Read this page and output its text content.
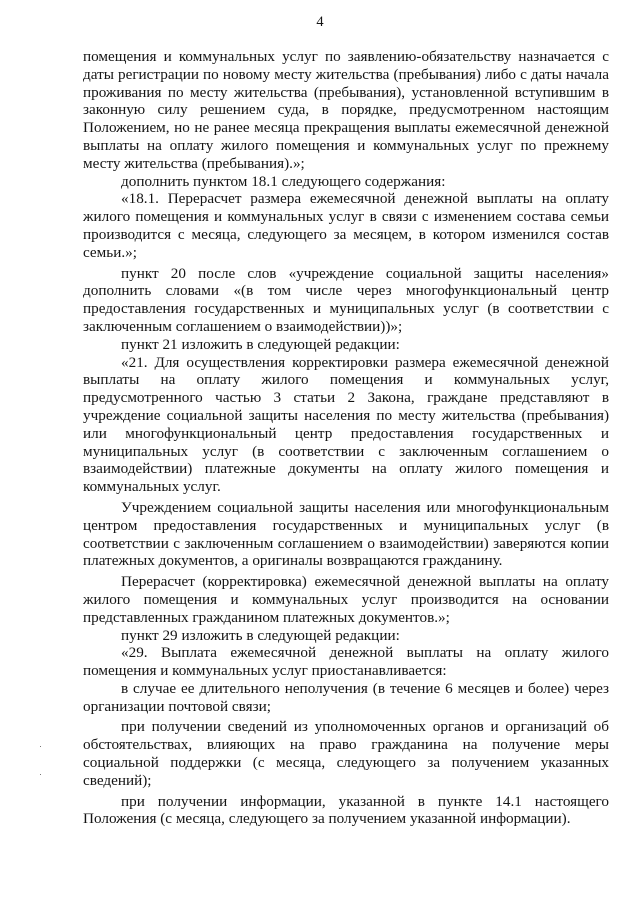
4

помещения и коммунальных услуг по заявлению-обязательству назначается с даты регистрации по новому месту жительства (пребывания) либо с даты начала проживания по месту жительства (пребывания), установленной вступившим в законную силу решением суда, в порядке, предусмотренном настоящим Положением, но не ранее месяца прекращения выплаты ежемесячной денежной выплаты на оплату жилого помещения и коммунальных услуг по прежнему месту жительства (пребывания).»;

дополнить пунктом 18.1 следующего содержания:

«18.1. Перерасчет размера ежемесячной денежной выплаты на оплату жилого помещения и коммунальных услуг в связи с изменением состава семьи производится с месяца, следующего за месяцем, в котором изменился состав семьи.»;

пункт 20 после слов «учреждение социальной защиты населения» дополнить словами «(в том числе через многофункциональный центр предоставления государственных и муниципальных услуг (в соответствии с заключенным соглашением о взаимодействии))»;

пункт 21 изложить в следующей редакции:

«21. Для осуществления корректировки размера ежемесячной денежной выплаты на оплату жилого помещения и коммунальных услуг, предусмотренного частью 3 статьи 2 Закона, граждане представляют в учреждение социальной защиты населения по месту жительства (пребывания) или многофункциональный центр предоставления государственных и муниципальных услуг (в соответствии с заключенным соглашением о взаимодействии) платежные документы на оплату жилого помещения и коммунальных услуг.

Учреждением социальной защиты населения или многофункциональным центром предоставления государственных и муниципальных услуг (в соответствии с заключенным соглашением о взаимодействии) заверяются копии платежных документов, а оригиналы возвращаются гражданину.

Перерасчет (корректировка) ежемесячной денежной выплаты на оплату жилого помещения и коммунальных услуг производится на основании представленных гражданином платежных документов.»;

пункт 29 изложить в следующей редакции:

«29. Выплата ежемесячной денежной выплаты на оплату жилого помещения и коммунальных услуг приостанавливается:

в случае ее длительного неполучения (в течение 6 месяцев и более) через организации почтовой связи;

при получении сведений из уполномоченных органов и организаций об обстоятельствах, влияющих на право гражданина на получение меры социальной поддержки (с месяца, следующего за получением указанных сведений);

при получении информации, указанной в пункте 14.1 настоящего Положения (с месяца, следующего за получением указанной информации).
